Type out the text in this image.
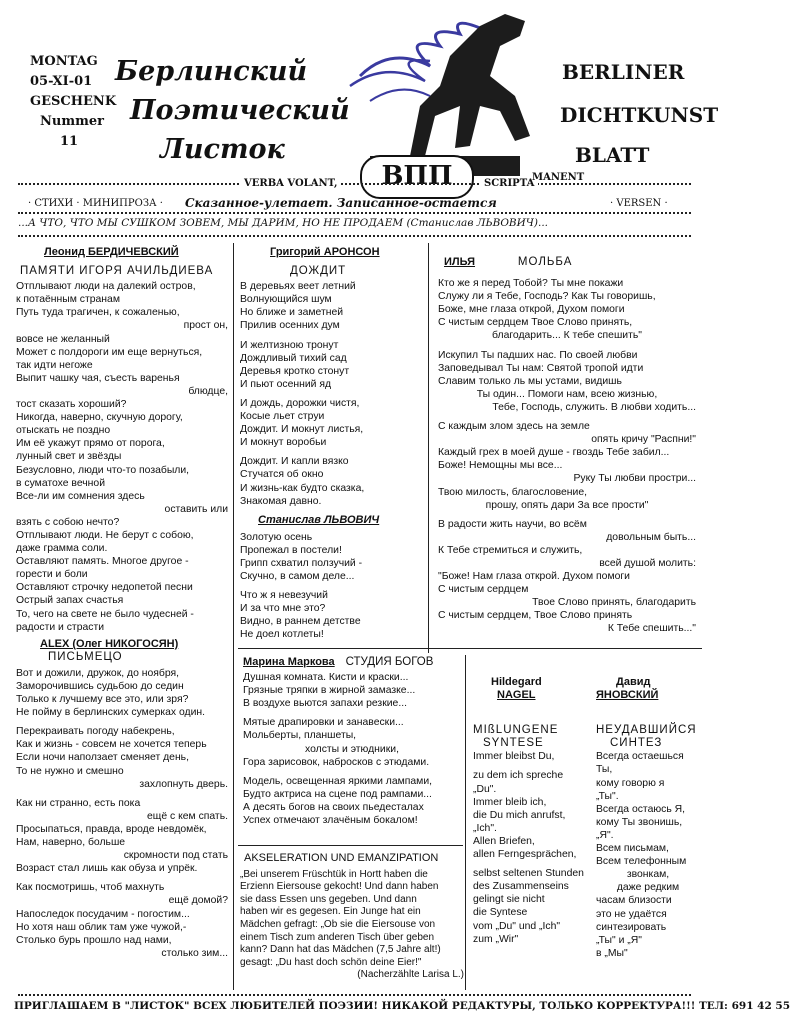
MONTAG
05-XI-01
GESCHENK
Nummer
11
Берлинский
Поэтический
Листок
BΠΠ
BERLINER
DICHTKUNST
BLATT
VERBA VOLANT,	SCRIPTA
MANENT
· СТИХИ · МИНИПРОЗА · Сказанное-улетает. Записанное-остается	· VERSEN ·
...А ЧТО, ЧТО МЫ СУШКОМ ЗОВЕМ, МЫ ДАРИМ, НО НЕ ПРОДАЕМ (Станислав ЛЬВОВИЧ)...
Леонид БЕРДИЧЕВСКИЙ
ПАМЯТИ ИГОРЯ АЧИЛЬДИЕВА
Отплывают люди на далекий остров,
к потаённым странам
Путь туда трагичен, к сожаленью,
прост он,
вовсе не желанный
Может с полдороги им еще вернуться,
так идти негоже
Выпит чашку чая, съесть варенья
блюдце,
тост сказать хороший?
Никогда, наверно, скучную дорогу,
отыскать не поздно
Им её укажут прямо от порога,
лунный свет и звёзды
Безусловно, люди что-то позабыли,
в суматохе вечной
Все-ли им сомнения здесь
оставить или
взять с собою нечто?
Отплывают люди. Не берут с собою,
даже грамма соли.
Оставляют память. Многое другое -
горести и боли
Оставляют строчку недопетой песни
Острый запах счастья
То, чего на свете не было чудесней -
радости и страсти
ALEX (Олег НИКОГОСЯН)
ПИСЬМЕЦО
Вот и дожили, дружок, до ноября,
Заморочившись судьбою до седин
Только к лучшему все это, или зря?
Не пойму в берлинских сумерках один.
Перекраивать погоду набекрень,
Как и жизнь - совсем не хочется теперь
Если ночи наползает сменяет день,
То не нужно и смешно
захлопнуть дверь.
Как ни странно, есть пока
ещё с кем спать.
Просыпаться, правда, вроде невдомёк,
Нам, наверно, больше
скромности под стать
Возраст стал лишь как обуза и упрёк.
Как посмотришь, чтоб махнуть
ещё домой?
Напоследок посудачим - погостим...
Но хотя наш облик там уже чужой,-
Столько бурь прошло над нами,
столько зим...
Григорий АРОНСОН
ДОЖДИТ
В деревьях веет летний
Волнующийся шум
Но ближе и заметней
Прилив осенних дум
И желтизною тронут
Дождливый тихий сад
Деревья кротко стонут
И пьют осенний яд
И дождь, дорожки чистя,
Косые льет струи
Дождит. И мокнут листья,
И мокнут воробьи
Дождит. И капли вязко
Стучатся об окно
И жизнь-как будто сказка,
Знакомая давно.
Станислав ЛЬВОВИЧ
Золотую осень
Пропежал в постели!
Грипп схватил ползучий -
Скучно, в самом деле...
Что ж я невезучий
И за что мне это?
Видно, в раннем детстве
Не доел котлеты!
ИЛЬЯ	МОЛЬБА
Кто же я перед Тобой? Ты мне покажи
Служу ли я Тебе, Господь? Как Ты говоришь,
Боже, мне глаза открой, Духом помоги
С чистым сердцем Твое Слово принять,
благодарить... К тебе спешить"
Искупил Ты падших нас. По своей любви
Заповедывал Ты нам: Святой тропой идти
Славим только ль мы устами, видишь
Ты один... Помоги нам, всею жизнью,
Тебе, Господь, служить. В любви ходить...
С каждым злом здесь на земле
опять кричу "Распни!"
Каждый грех в моей душе - гвоздь Тебе забил...
Боже! Немощны мы все...
Руку Ты любви простри...
Твою милость, благословение,
прошу, опять дари За все прости"
В радости жить научи, во всём
довольным быть...
К Тебе стремиться и служить,
всей душой молить:
"Боже! Нам глаза открой. Духом помоги
С чистым сердцем
Твое Слово принять, благодарить
С чистым сердцем, Твое Слово принять
К Тебе спешить..."
Марина Маркова СТУДИЯ БОГОВ
Душная комната. Кисти и краски...
Грязные тряпки в жирной замазке...
В воздухе вьются запахи резкие...
Мятые драпировки и занавески...
Мольберты, планшеты,
холсты и этюдники,
Гора зарисовок, набросков с этюдами.
Модель, освещенная яркими лампами,
Будто актриса на сцене под рампами...
А десять богов на своих пьедесталах
Успех отмечают злачёным бокалом!
AKSELERATION UND EMANZIPATION
„Bei unserem Früschtük in Hortt haben die
Erzienn Eiersouse gekocht! Und dann haben
sie dass Essen uns gegeben. Und dann
haben wir es gegesen. Ein Junge hat ein
Mädchen gefragt: „Ob sie die Eiersouse von
einem Tisch zum anderen Tisch über geben
kann? Dann hat das Mädchen (7,5 Jahre alt!)
gesagt: „Du hast doch schön deine Eier!"
(Nacherzählte Larisa L.)
Hildegard
NAGEL
MIßLUNGENE
SYNTESE
Immer bleibst Du,
zu dem ich spreche
„Du".
Immer bleib ich,
die Du mich anrufst,
„Ich".
Allen Briefen,
allen Ferngesprächen,
selbst seltenen Stunden
des Zusammenseins
gelingt sie nicht
die Syntese
vom „Du" und „Ich"
zum „Wir"
Давид
ЯНОВСКИЙ
НЕУДАВШИЙСЯ
СИНТЕЗ
Всегда остаешься
Ты,
кому говорю я
„Ты".
Всегда остаюсь Я,
кому Ты звонишь,
„Я".
Всем письмам,
Всем телефонным
звонкам,
даже редким
часам близости
это не удаётся
синтезировать
„Ты" и „Я"
в „Мы"
ПРИГЛАШАЕМ В "ЛИСТОК" ВСЕХ ЛЮБИТЕЛЕЙ ПОЭЗИИ! НИКАКОЙ РЕДАКТУРЫ, ТОЛЬКО КОРРЕКТУРА!!! ТЕЛ: 691 42 55
